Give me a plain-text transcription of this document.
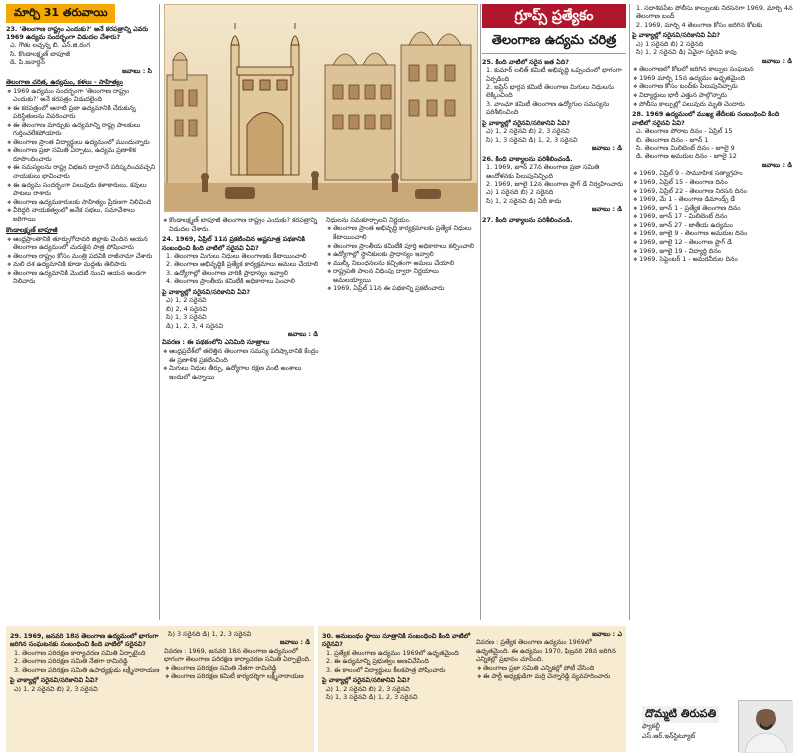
మార్చి 31 తరువాయి
23. 'తెలంగాణ రాష్ట్రం ఎందుకు?' అనే కరపత్రాన్ని ఎవరు 1969 ఉద్యమ సందర్భంగా విడుదల చేశారు?
ఎ. గౌతు లచ్చన్న బి. ఎన్.జి.రంగ
సి. కొండాలక్ష్మణ్ బాపూజీ
డి. పి.జనార్దన్
జవాబు : సి
తెలంగాణ చరిత్ర, ఉద్యమం, కళలు - సాహిత్యం
❖ 1969 ఉద్యమం సందర్భంగా 'తెలంగాణ రాష్ట్రం ఎందుకు?' అనే కరపత్రం విడుదలైంది
❖ ఈ కరపత్రంలో ఆనాటి ప్రజా ఉద్యమానికి చేరుకున్న పరిస్థితులను వివరించారు
❖ ఈ తెలంగాణ మార్చుకు ఉద్యమాన్ని రాష్ట్ర పాలకులు గుర్తించలేకపోయారు
❖ తెలంగాణ ప్రాంత విద్యార్థులు ఉద్యమంలో ముందున్నారు
❖ తెలంగాణ ప్రజా సమితి ఏర్పాటు, ఉద్యమ ప్రణాళిక రూపొందించారు
❖ ఈ సమస్యలను రాష్ట్ర విభజన ద్వారానే పరిష్కరించవచ్చని నాయకులు భావించారు
❖ ఈ ఉద్యమ సందర్భంగా పలువురు కళాకారులు, కవులు పాటలు రాశారు
❖ తెలంగాణ ఉద్యమకారులకు సాహిత్యం ప్రేరణగా నిలిచింది
❖ వీరిద్దరి నాయకత్వంలో అనేక సభలు, సమావేశాలు జరిగాయి
కొండాలక్ష్మణ్ బాపూజీ
❖ ఆంధ్రప్రాంతానికి తూర్పుగోదావరి జిల్లాకు చెందిన ఆయన తెలంగాణ ఉద్యమంలో చురుకైన పాత్ర పోషించారు
❖ తెలంగాణ రాష్ట్రం కోసం మంత్రి పదవికి రాజీనామా చేశారు
❖ మలి దశ ఉద్యమానికి కూడా మద్దతు తెలిపారు
❖ తెలంగాణ ఉద్యమానికి మొదటి నుంచి ఆయన అండగా నిలిచారు
❖ కొండాలక్ష్మణ్ బాపూజీ తెలంగాణ రాష్ట్రం ఎందుకు? కరపత్రాన్ని విడుదల చేశారు.
24. 1969, ఏప్రిల్ 11న ప్రకటించిన అష్టసూత్ర పథకానికి సంబంధించి కింది వాటిలో సరైనవి ఏవి?
1. తెలంగాణ మిగులు నిధులు తెలంగాణకు కేటాయించాలి
2. తెలంగాణ అభివృద్ధికి ప్రత్యేక కార్యక్రమాలు అమలు చేయాలి
3. ఉద్యోగాల్లో తెలంగాణ వారికి ప్రాధాన్యం ఇవ్వాలి
4. తెలంగాణ ప్రాంతీయ కమిటీకి అధికారాలు పెంచాలి
పై వాక్యాల్లో సరైనవి/సరికానివి ఏవి?
ఎ) 1, 2 సరైనవి
బి) 2, 4 సరైనవి
సి) 1, 3 సరైనవి
డి) 1, 2, 3, 4 సరైనవి
జవాబు : డి
వివరణ : ఈ పథకంలోని ఎనిమిది సూత్రాలు
❖ ఆంధ్రప్రదేశ్‌లో తలెత్తిన తెలంగాణ సమస్య పరిష్కారానికి కేంద్రం ఈ ప్రణాళిక ప్రకటించింది
❖ మిగులు నిధుల తీర్పు, ఉద్యోగాల రక్షణ వంటి అంశాలు ఇందులో ఉన్నాయి
నిధులను సమకూర్చాలని నిర్ణయం.
❖ తెలంగాణ ప్రాంత అభివృద్ధి కార్యక్రమాలకు ప్రత్యేక నిధులు కేటాయించాలి
❖ తెలంగాణ ప్రాంతీయ కమిటీకి పూర్తి అధికారాలు కల్పించాలి
❖ ఉద్యోగాల్లో స్థానికులకు ప్రాధాన్యం ఇవ్వాలి
❖ ముల్కీ నిబంధనలను కచ్చితంగా అమలు చేయాలి
❖ రాష్ట్రపతి పాలన విధింపు ద్వారా నిర్ణయాలు అమలయ్యాయి
❖ 1969, ఏప్రిల్ 11న ఈ పథకాన్ని ప్రకటించారు
గ్రూప్స్ ప్రత్యేకం
తెలంగాణ ఉద్యమ చరిత్ర
25. కింది వాటిలో సరైన జత ఏది?
1. కుమార్ లలిత్ కమిటీ అభివృద్ధి ఒప్పందంలో భాగంగా ఏర్పడింది
2. జస్టిస్ భార్గవ కమిటీ తెలంగాణ మిగులు నిధులను లెక్కించింది
3. వాంఛూ కమిటీ తెలంగాణ ఉద్యోగుల సమస్యను పరిశీలించింది
పై వాక్యాల్లో సరైనవి/సరికానివి ఏవి?
ఎ) 1, 2 సరైనవి బి) 2, 3 సరైనవి
సి) 1, 3 సరైనవి డి) 1, 2, 3 సరైనవి
జవాబు : డి
26. కింది వాక్యాలను పరిశీలించండి.
1. 1969, జూన్ 27న తెలంగాణ ప్రజా సమితి ఆందోళనకు పిలుపునిచ్చింది
2. 1969, జూలై 12న తెలంగాణ ఫ్లాగ్ డే నిర్వహించారు
ఎ) 1 సరైనది బి) 2 సరైనది
సి) 1, 2 సరైనవి డి) ఏదీ కాదు
జవాబు : డి
27. కింది వాక్యాలను పరిశీలించండి.
1. సదాశివపేట పోలీసు కాల్పులకు నిరసనగా 1969, మార్చి 4న తెలంగాణ బంద్
2. 1969, మార్చి 4 తెలంగాణ కోసం జరిగిన కోటకు
పై వాక్యాల్లో సరైనవి/సరికానివి ఏవి?
ఎ) 1 సరైనది బి) 2 సరైనది
సి) 1, 2 సరైనవి డి) ఏవైనా సరైనవి కావు
జవాబు : డి
❖ తెలంగాణలో కోటలో జరిగిన కాల్పుల సంఘటన
❖ 1969 మార్చి 15న ఉద్యమం ఉధృతమైంది
❖ తెలంగాణ కోసం బంద్‌కు పిలుపునిచ్చారు
❖ విద్యార్థులు భారీ ఎత్తున పాల్గొన్నారు
❖ పోలీసు కాల్పుల్లో పలువురు మృతి చెందారు
28. 1969 ఉద్యమంలో ముఖ్య తేదీలకు సంబంధించి కింది వాటిలో సరైనవి ఏవి?
ఎ. తెలంగాణ పోరాట దినం - ఏప్రిల్ 15
బి. తెలంగాణ దినం - జూన్ 1
సి. తెలంగాణ మిలిటెంట్ దినం - జూలై 9
డి. తెలంగాణ అమరుల దినం - జూలై 12
జవాబు : డి
❖ 1969, ఏప్రిల్ 9 - సామూహిక సత్యాగ్రహం
❖ 1969, ఏప్రిల్ 15 - తెలంగాణ దినం
❖ 1969, ఏప్రిల్ 22 - తెలంగాణ నిరసన దినం
❖ 1969, మే 1 - తెలంగాణ డిమాండ్స్ డే
❖ 1969, జూన్ 1 - ప్రత్యేక తెలంగాణ దినం
❖ 1969, జూన్ 17 - మిలిటెంట్ దినం
❖ 1969, జూన్ 27 - జాతీయ ఉద్యమం
❖ 1969, జూలై 9 - తెలంగాణ అమరుల దినం
❖ 1969, జూలై 12 - తెలంగాణ ఫ్లాగ్ డే
❖ 1969, జూలై 19 - విద్యార్థి దినం
❖ 1969, సెప్టెంబర్ 1 - అమరవీరుల దినం
29. 1969, జనవరి 18న తెలంగాణ ఉద్యమంలో భాగంగా జరిగిన సంఘటనకు సంబంధించి కింది వాటిలో సరైనవి?
1. తెలంగాణ పరిరక్షణ కార్యాచరణ సమితి ఏర్పాటైంది
2. తెలంగాణ పరిరక్షణ సమితి నేతగా రామిరెడ్డి
3. తెలంగాణ పరిరక్షణ సమితి ఉపాధ్యక్షుడు లక్ష్మీనారాయణ
పై వాక్యాల్లో సరైనవి/సరికానివి ఏవి?
ఎ) 1, 2 సరైనవి బి) 2, 3 సరైనవి
సి) 3 సరైనది డి) 1, 2, 3 సరైనవి
జవాబు : డి
వివరణ : 1969, జనవరి 18న తెలంగాణ ఉద్యమంలో భాగంగా తెలంగాణ పరిరక్షణ కార్యాచరణ సమితి ఏర్పాటైంది.
❖ తెలంగాణ పరిరక్షణ సమితి నేతగా రామిరెడ్డి
❖ తెలంగాణ పరిరక్షణ కమిటీ కార్యదర్శిగా లక్ష్మీనారాయణ
30. అనుబంధం స్థాయి సూత్రానికి సంబంధించి కింది వాటిలో సరైనవి?
1. ప్రత్యేక తెలంగాణ ఉద్యమం 1969లో ఉధృతమైంది
2. ఈ ఉద్యమాన్ని ప్రభుత్వం అణచివేసింది
3. ఈ కాలంలో విద్యార్థులు కీలకపాత్ర పోషించారు
పై వాక్యాల్లో సరైనవి/సరికానివి ఏవి?
ఎ) 1, 2 సరైనవి బి) 2, 3 సరైనవి
సి) 1, 3 సరైనవి డి) 1, 2, 3 సరైనవి
జవాబు : ఎ
వివరణ : ప్రత్యేక తెలంగాణ ఉద్యమం 1969లో ఉధృతమైంది. ఈ ఉద్యమం 1970, ఫిబ్రవరి 28న జరిగిన ఎన్నికల్లో ప్రభావం చూపింది.
❖ తెలంగాణ ప్రజా సమితి ఎన్నికల్లో పోటీ చేసింది
❖ ఈ పార్టీ అధ్యక్షుడిగా మర్రి చెన్నారెడ్డి వ్యవహరించారు
దొమ్మటి తిరుపతి
ఫ్యాకల్టీ
ఎస్.ఆర్.ఇన్‌స్టిట్యూట్
